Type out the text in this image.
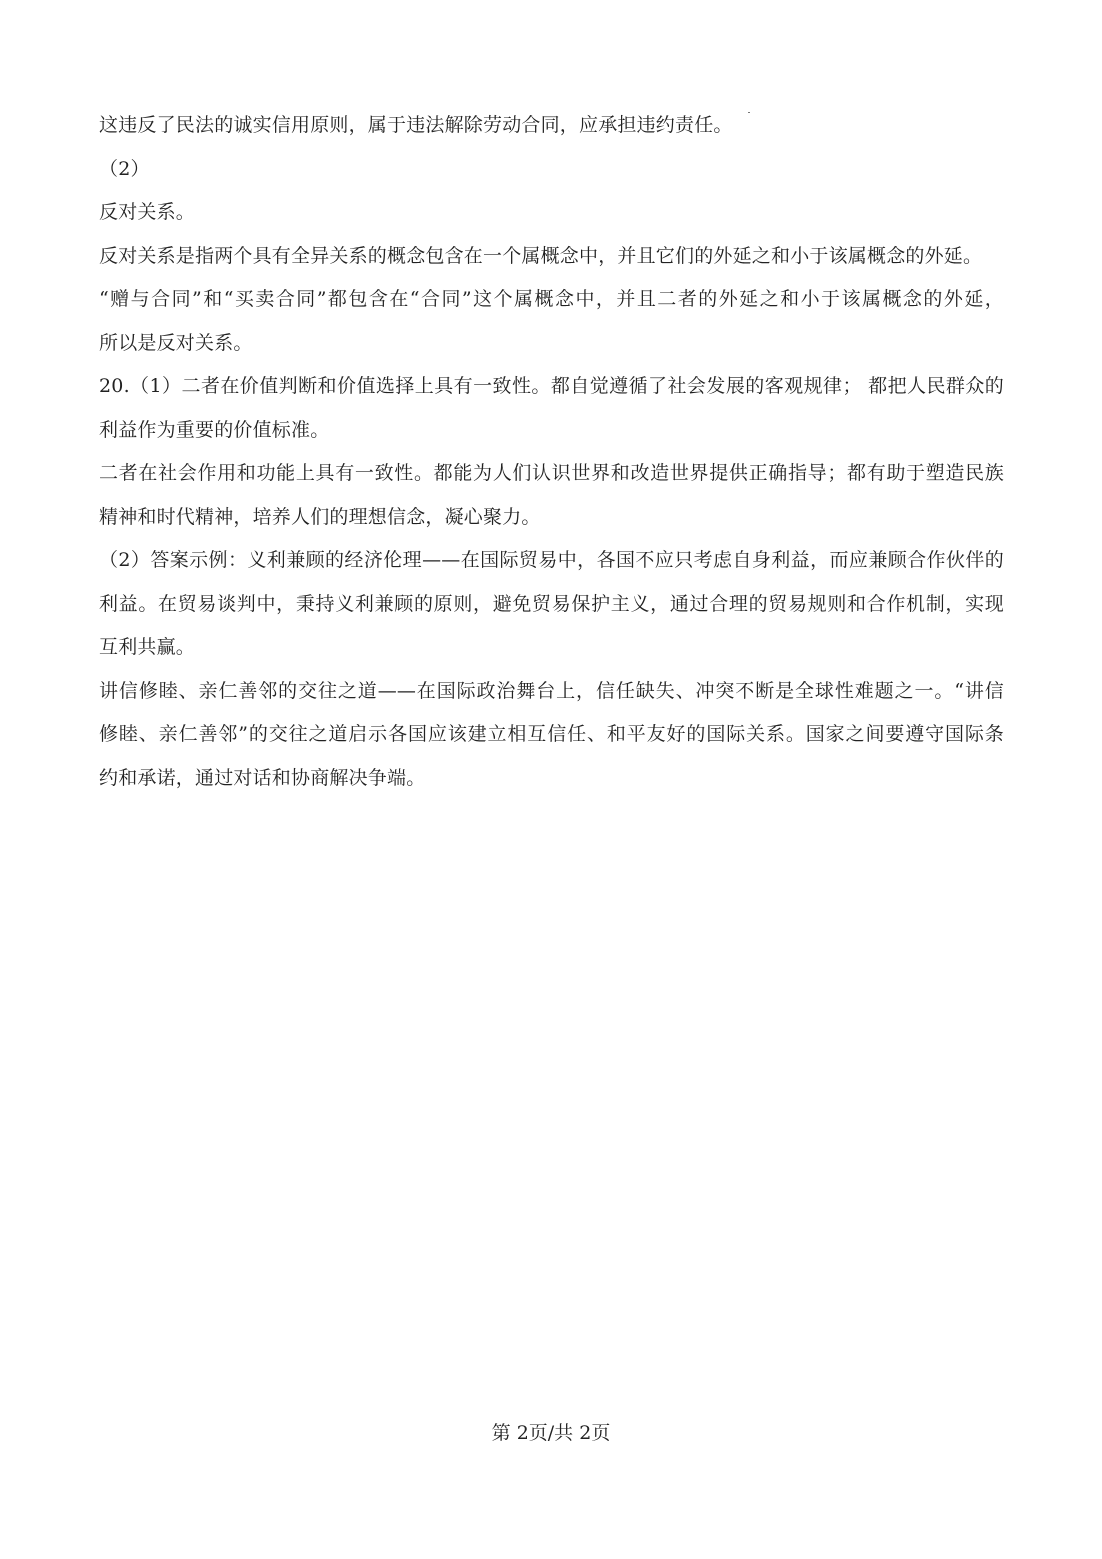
这违反了民法的诚实信用原则，属于违法解除劳动合同，应承担违约责任。
（2）
反对关系。
反对关系是指两个具有全异关系的概念包含在一个属概念中，并且它们的外延之和小于该属概念的外延。
“赠与合同”和“买卖合同”都包含在“合同”这个属概念中，并且二者的外延之和小于该属概念的外延，
所以是反对关系。
20.（1）二者在价值判断和价值选择上具有一致性。都自觉遵循了社会发展的客观规律； 都把人民群众的
利益作为重要的价值标准。
二者在社会作用和功能上具有一致性。都能为人们认识世界和改造世界提供正确指导；都有助于塑造民族
精神和时代精神，培养人们的理想信念，凝心聚力。
（2）答案示例：义利兼顾的经济伦理——在国际贸易中，各国不应只考虑自身利益，而应兼顾合作伙伴的
利益。在贸易谈判中，秉持义利兼顾的原则，避免贸易保护主义，通过合理的贸易规则和合作机制，实现
互利共赢。
讲信修睦、亲仁善邻的交往之道——在国际政治舞台上，信任缺失、冲突不断是全球性难题之一。“讲信
修睦、亲仁善邻”的交往之道启示各国应该建立相互信任、和平友好的国际关系。国家之间要遵守国际条
约和承诺，通过对话和协商解决争端。
第 2页/共 2页
